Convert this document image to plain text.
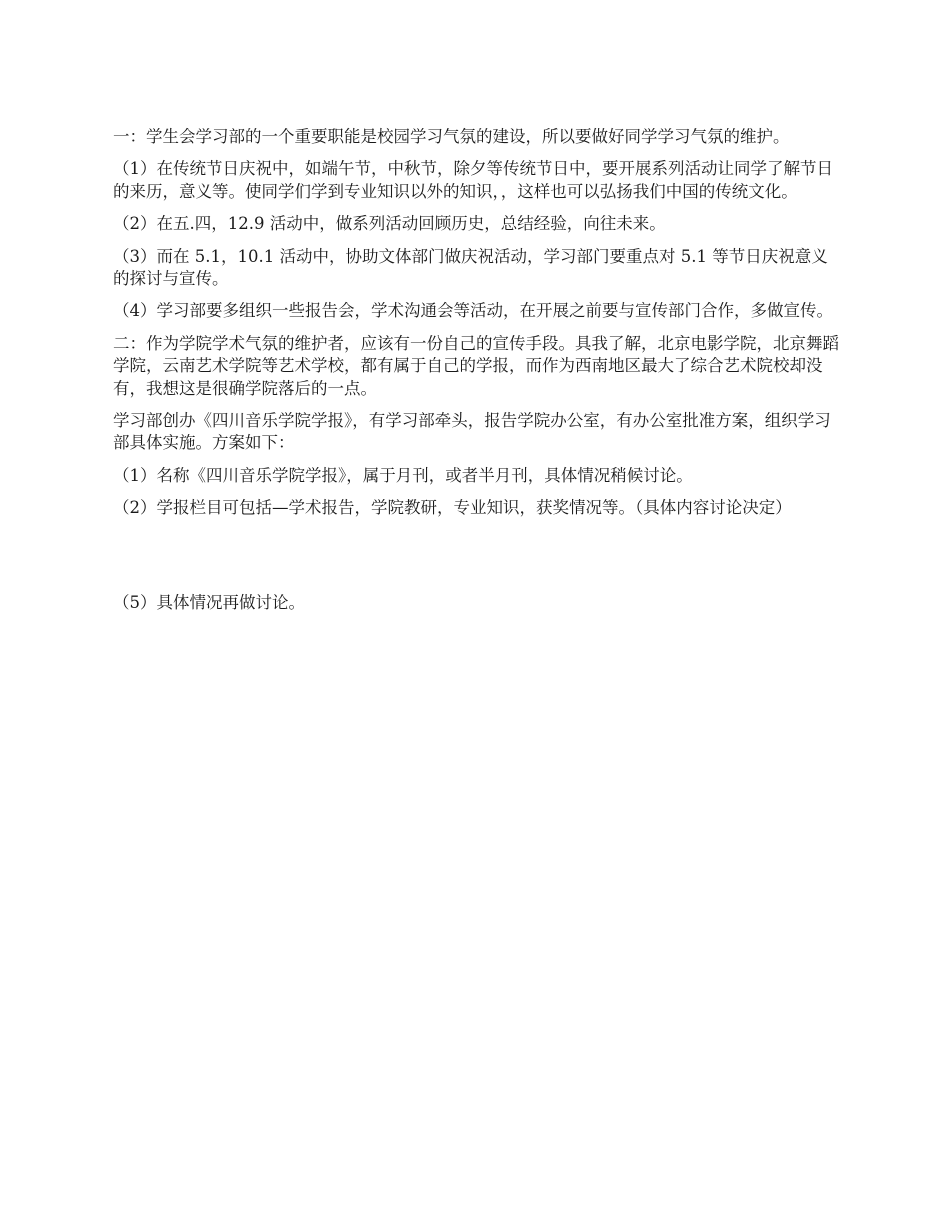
一：学生会学习部的一个重要职能是校园学习气氛的建设，所以要做好同学学习气氛的维护。

（1）在传统节日庆祝中，如端午节，中秋节，除夕等传统节日中，要开展系列活动让同学了解节日的来历，意义等。使同学们学到专业知识以外的知识，，这样也可以弘扬我们中国的传统文化。

（2）在五.四，12.9 活动中，做系列活动回顾历史，总结经验，向往未来。

（3）而在 5.1，10.1 活动中，协助文体部门做庆祝活动，学习部门要重点对 5.1 等节日庆祝意义的探讨与宣传。

（4）学习部要多组织一些报告会，学术沟通会等活动，在开展之前要与宣传部门合作，多做宣传。

二：作为学院学术气氛的维护者，应该有一份自己的宣传手段。具我了解，北京电影学院，北京舞蹈学院，云南艺术学院等艺术学校，都有属于自己的学报，而作为西南地区最大了综合艺术院校却没有，我想这是很确学院落后的一点。

学习部创办《四川音乐学院学报》，有学习部牵头，报告学院办公室，有办公室批准方案，组织学习部具体实施。方案如下：

（1）名称《四川音乐学院学报》，属于月刊，或者半月刊，具体情况稍候讨论。

（2）学报栏目可包括—学术报告，学院教研，专业知识，获奖情况等。（具体内容讨论决定）

（5）具体情况再做讨论。
